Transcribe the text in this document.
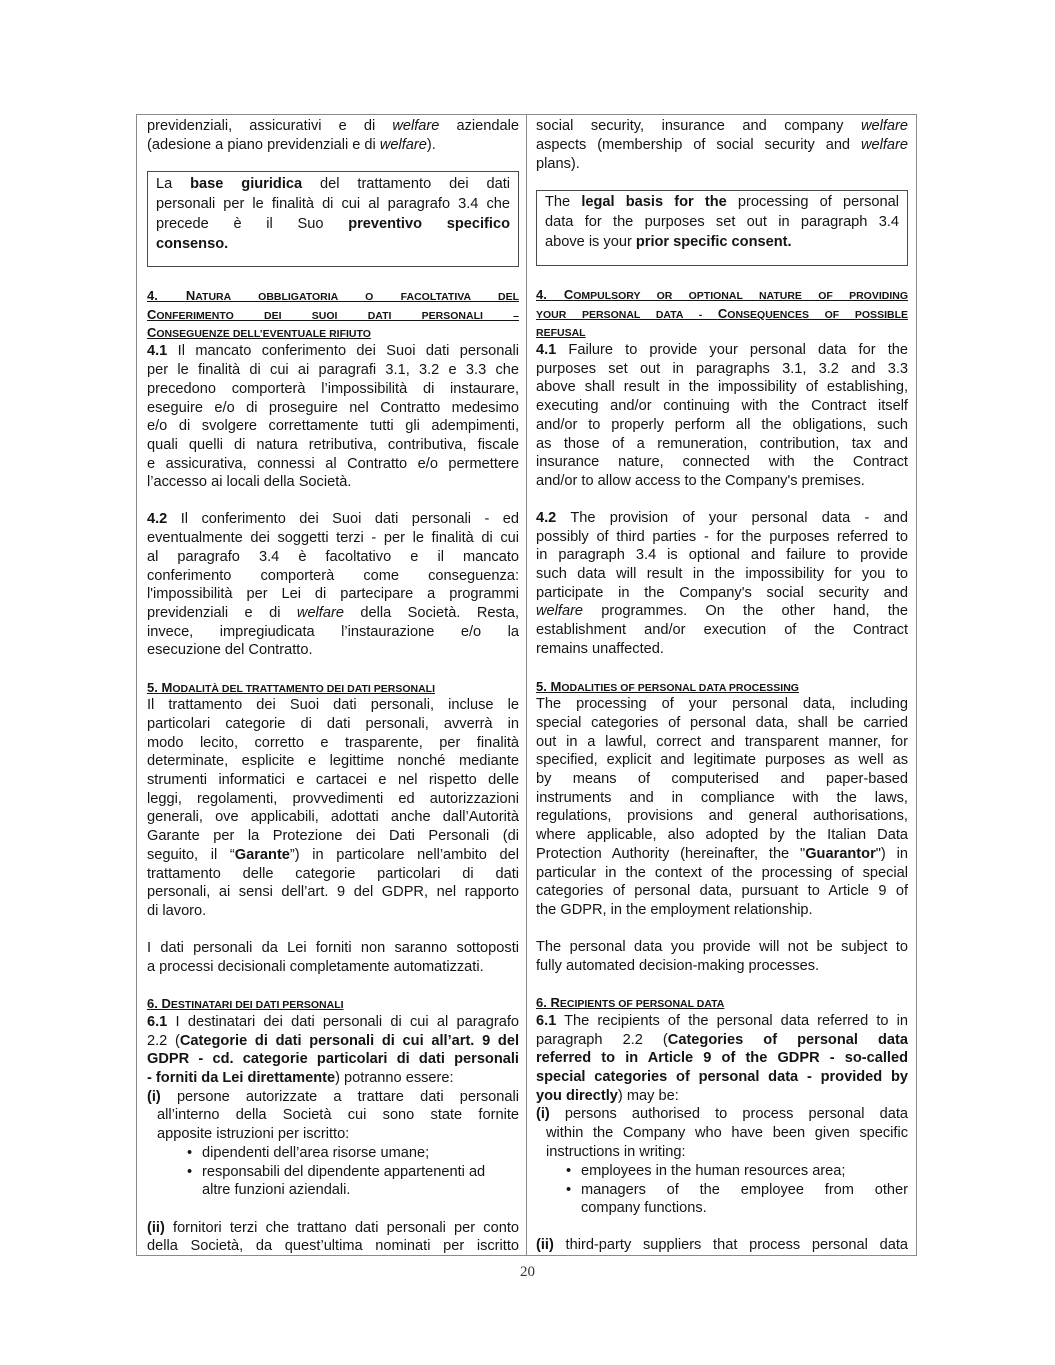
previdenziali, assicurativi e di welfare aziendale
(adesione a piano previdenziali e di welfare).
La base giuridica del trattamento dei dati
personali per le finalità di cui al paragrafo 3.4 che
precede è il Suo preventivo specifico
consenso.
4. NATURA OBBLIGATORIA O FACOLTATIVA DEL
CONFERIMENTO DEI SUOI DATI PERSONALI –
CONSEGUENZE DELL’EVENTUALE RIFIUTO
4.1 Il mancato conferimento dei Suoi dati personali
per le finalità di cui ai paragrafi 3.1, 3.2 e 3.3 che
precedono comporterà l’impossibilità di instaurare,
eseguire e/o di proseguire nel Contratto medesimo
e/o di svolgere correttamente tutti gli adempimenti,
quali quelli di natura retributiva, contributiva, fiscale
e assicurativa, connessi al Contratto e/o permettere
l’accesso ai locali della Società.
4.2 Il conferimento dei Suoi dati personali - ed
eventualmente dei soggetti terzi - per le finalità di cui
al paragrafo 3.4 è facoltativo e il mancato
conferimento comporterà come conseguenza:
l'impossibilità per Lei di partecipare a programmi
previdenziali e di welfare della Società. Resta,
invece, impregiudicata l’instaurazione e/o la
esecuzione del Contratto.
5. MODALITÀ DEL TRATTAMENTO DEI DATI PERSONALI
Il trattamento dei Suoi dati personali, incluse le
particolari categorie di dati personali, avverrà in
modo lecito, corretto e trasparente, per finalità
determinate, esplicite e legittime nonché mediante
strumenti informatici e cartacei e nel rispetto delle
leggi, regolamenti, provvedimenti ed autorizzazioni
generali, ove applicabili, adottati anche dall’Autorità
Garante per la Protezione dei Dati Personali (di
seguito, il “Garante”) in particolare nell’ambito del
trattamento delle categorie particolari di dati
personali, ai sensi dell’art. 9 del GDPR, nel rapporto
di lavoro.
I dati personali da Lei forniti non saranno sottoposti
a processi decisionali completamente automatizzati.
6. DESTINATARI DEI DATI PERSONALI
6.1 I destinatari dei dati personali di cui al paragrafo
2.2 (Categorie di dati personali di cui all’art. 9 del
GDPR - cd. categorie particolari di dati personali
- forniti da Lei direttamente) potranno essere:
(i) persone autorizzate a trattare dati personali
all’interno della Società cui sono state fornite
apposite istruzioni per iscritto:
• dipendenti dell’area risorse umane;
• responsabili del dipendente appartenenti ad
altre funzioni aziendali.
(ii) fornitori terzi che trattano dati personali per conto
della Società, da quest’ultima nominati per iscritto
social security, insurance and company welfare
aspects (membership of social security and welfare
plans).
The legal basis for the processing of personal
data for the purposes set out in paragraph 3.4
above is your prior specific consent.
4. COMPULSORY OR OPTIONAL NATURE OF PROVIDING
YOUR PERSONAL DATA - CONSEQUENCES OF POSSIBLE
REFUSAL
4.1 Failure to provide your personal data for the
purposes set out in paragraphs 3.1, 3.2 and 3.3
above shall result in the impossibility of establishing,
executing and/or continuing with the Contract itself
and/or to properly perform all the obligations, such
as those of a remuneration, contribution, tax and
insurance nature, connected with the Contract
and/or to allow access to the Company's premises.
4.2 The provision of your personal data - and
possibly of third parties - for the purposes referred to
in paragraph 3.4 is optional and failure to provide
such data will result in the impossibility for you to
participate in the Company's social security and
welfare programmes. On the other hand, the
establishment and/or execution of the Contract
remains unaffected.
5. MODALITIES OF PERSONAL DATA PROCESSING
The processing of your personal data, including
special categories of personal data, shall be carried
out in a lawful, correct and transparent manner, for
specified, explicit and legitimate purposes as well as
by means of computerised and paper-based
instruments and in compliance with the laws,
regulations, provisions and general authorisations,
where applicable, also adopted by the Italian Data
Protection Authority (hereinafter, the "Guarantor") in
particular in the context of the processing of special
categories of personal data, pursuant to Article 9 of
the GDPR, in the employment relationship.
The personal data you provide will not be subject to
fully automated decision-making processes.
6. RECIPIENTS OF PERSONAL DATA
6.1 The recipients of the personal data referred to in
paragraph 2.2 (Categories of personal data
referred to in Article 9 of the GDPR - so-called
special categories of personal data - provided by
you directly) may be:
(i) persons authorised to process personal data
within the Company who have been given specific
instructions in writing:
• employees in the human resources area;
• managers of the employee from other
company functions.
(ii) third-party suppliers that process personal data
20
